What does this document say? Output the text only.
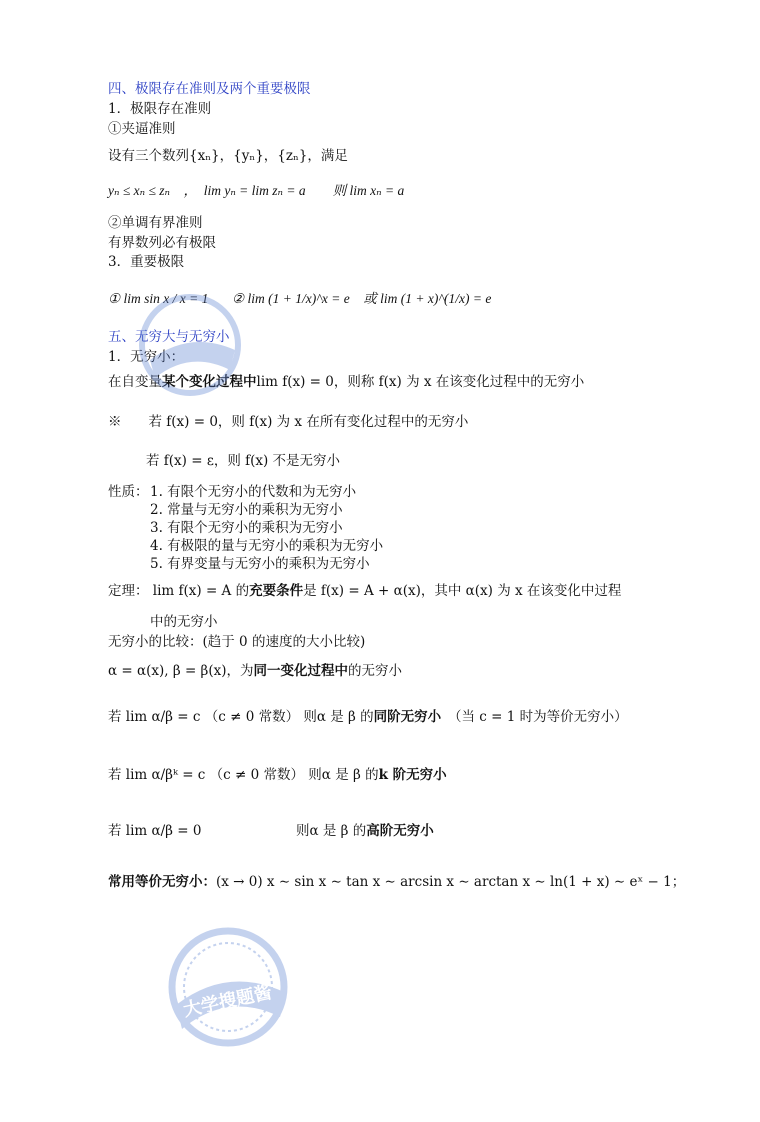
四、极限存在准则及两个重要极限
1．极限存在准则
①夹逼准则
设有三个数列{xₙ}，{yₙ}，{zₙ}，满足
yₙ ≤ xₙ ≤ zₙ　，　lim yₙ = lim zₙ = a　　则 lim xₙ = a
②单调有界准则
有界数列必有极限
3．重要极限
① lim sin x / x = 1 ② lim (1 + 1/x)^x = e　或 lim (1 + x)^(1/x) = e
五、无穷大与无穷小
1．无穷小：
在自变量某个变化过程中lim f(x) = 0，则称 f(x) 为 x 在该变化过程中的无穷小
※　　若 f(x) = 0，则 f(x) 为 x 在所有变化过程中的无穷小
若 f(x) = ε，则 f(x) 不是无穷小
性质： 1. 有限个无穷小的代数和为无穷小
2. 常量与无穷小的乘积为无穷小
3. 有限个无穷小的乘积为无穷小
4. 有极限的量与无穷小的乘积为无穷小
5. 有界变量与无穷小的乘积为无穷小
定理： lim f(x) = A 的充要条件是 f(x) = A + α(x)，其中 α(x) 为 x 在该变化中过程
中的无穷小
无穷小的比较：(趋于 0 的速度的大小比较)
α = α(x), β = β(x)，为同一变化过程中的无穷小
若 lim α/β = c （c ≠ 0 常数） 则α 是 β 的同阶无穷小 （当 c = 1 时为等价无穷小）
若 lim α/βᵏ = c （c ≠ 0 常数） 则α 是 β 的k 阶无穷小
若 lim α/β = 0　　　　　　　则α 是 β 的高阶无穷小
常用等价无穷小：(x → 0) x ∼ sin x ∼ tan x ∼ arcsin x ∼ arctan x ∼ ln(1 + x) ∼ eˣ − 1；
大学搜题酱
